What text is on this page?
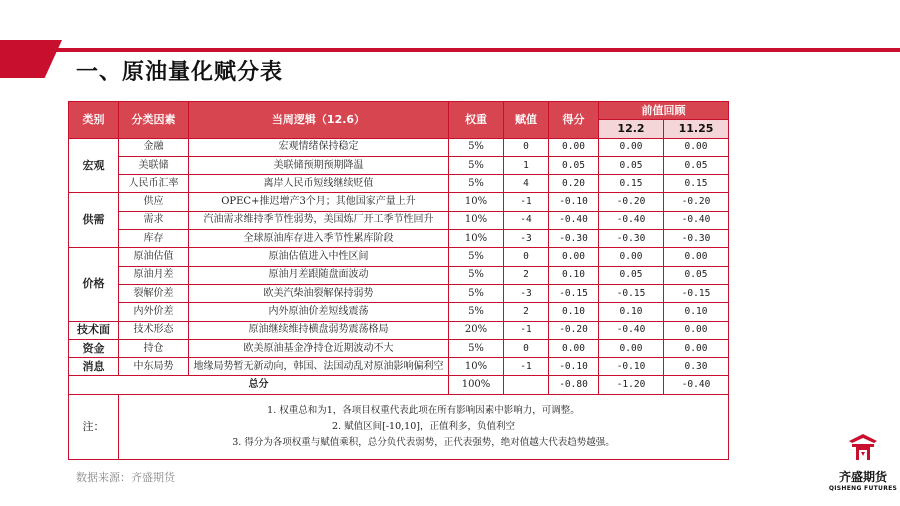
一、原油量化赋分表
类别	分类因素	当周逻辑（12.6）	权重	赋值	得分	前值回顾	
						12.2	11.25
宏观	金融	宏观情绪保持稳定	5%	0	0.00	0.00	0.00
	美联储	美联储预期预期降温	5%	1	0.05	0.05	0.05
	人民币汇率	离岸人民币短线继续贬值	5%	4	0.20	0.15	0.15
供需	供应	OPEC+推迟增产3个月；其他国家产量上升	10%	-1	-0.10	-0.20	-0.20
	需求	汽油需求维持季节性弱势，美国炼厂开工季节性回升	10%	-4	-0.40	-0.40	-0.40
	库存	全球原油库存进入季节性累库阶段	10%	-3	-0.30	-0.30	-0.30
价格	原油估值	原油估值进入中性区间	5%	0	0.00	0.00	0.00
	原油月差	原油月差跟随盘面波动	5%	2	0.10	0.05	0.05
	裂解价差	欧美汽柴油裂解保持弱势	5%	-3	-0.15	-0.15	-0.15
	内外价差	内外原油价差短线震荡	5%	2	0.10	0.10	0.10
技术面	技术形态	原油继续维持横盘弱势震荡格局	20%	-1	-0.20	-0.40	0.00
资金	持仓	欧美原油基金净持仓近期波动不大	5%	0	0.00	0.00	0.00
消息	中东局势	地缘局势暂无新动向，韩国、法国动乱对原油影响偏利空	10%	-1	-0.10	-0.10	0.30
总分			100%		-0.80	-1.20	-0.40
注：	1. 权重总和为1，各项目权重代表此项在所有影响因素中影响力，可调整。
2. 赋值区间[-10,10]，正值利多，负值利空
3. 得分为各项权重与赋值乘积，总分负代表弱势，正代表强势，绝对值越大代表趋势越强。						
数据来源：齐盛期货	齐盛期货
QISHENG FUTURES
